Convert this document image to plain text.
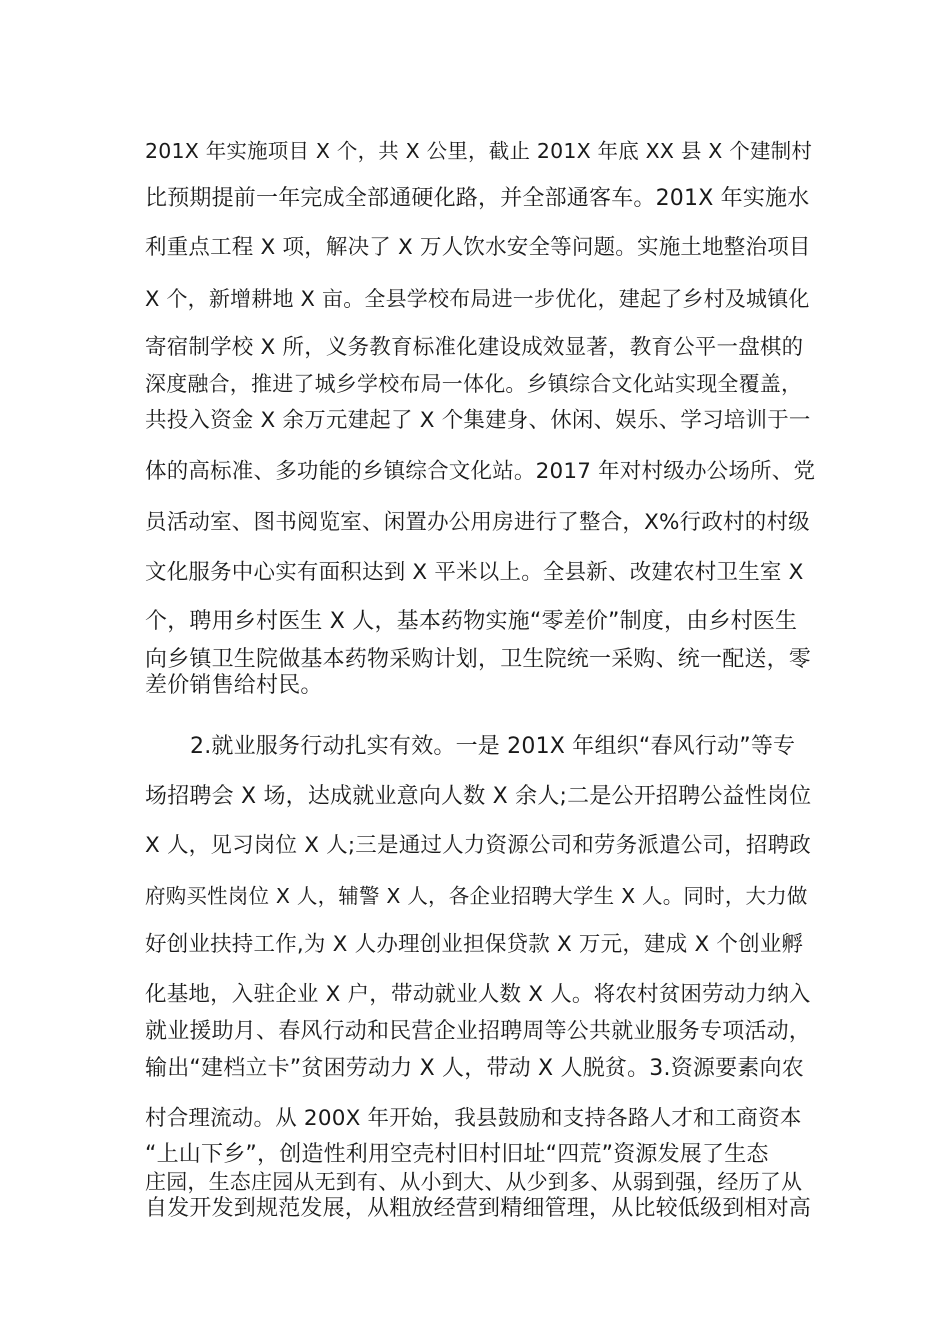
201X 年实施项目 X 个，共 X 公里，截止 201X 年底 XX 县 X 个建制村
比预期提前一年完成全部通硬化路，并全部通客车。201X 年实施水
利重点工程 X 项，解决了 X 万人饮水安全等问题。实施土地整治项目
X 个，新增耕地 X 亩。全县学校布局进一步优化，建起了乡村及城镇化
寄宿制学校 X 所，义务教育标准化建设成效显著，教育公平一盘棋的
深度融合，推进了城乡学校布局一体化。乡镇综合文化站实现全覆盖，
共投入资金 X 余万元建起了 X 个集建身、休闲、娱乐、学习培训于一
体的高标准、多功能的乡镇综合文化站。2017 年对村级办公场所、党
员活动室、图书阅览室、闲置办公用房进行了整合，X%行政村的村级
文化服务中心实有面积达到 X 平米以上。全县新、改建农村卫生室 X
个，聘用乡村医生 X 人，基本药物实施“零差价”制度，由乡村医生
向乡镇卫生院做基本药物采购计划，卫生院统一采购、统一配送，零
差价销售给村民。
2.就业服务行动扎实有效。一是 201X 年组织“春风行动”等专
场招聘会 X 场，达成就业意向人数 X 余人;二是公开招聘公益性岗位
X 人，见习岗位 X 人;三是通过人力资源公司和劳务派遣公司，招聘政
府购买性岗位 X 人，辅警 X 人，各企业招聘大学生 X 人。同时，大力做
好创业扶持工作,为 X 人办理创业担保贷款 X 万元，建成 X 个创业孵
化基地，入驻企业 X 户，带动就业人数 X 人。将农村贫困劳动力纳入
就业援助月、春风行动和民营企业招聘周等公共就业服务专项活动，
输出“建档立卡”贫困劳动力 X 人，带动 X 人脱贫。3.资源要素向农
村合理流动。从 200X 年开始，我县鼓励和支持各路人才和工商资本
“上山下乡”，创造性利用空壳村旧村旧址“四荒”资源发展了生态
庄园，生态庄园从无到有、从小到大、从少到多、从弱到强，经历了从
自发开发到规范发展，从粗放经营到精细管理，从比较低级到相对高
